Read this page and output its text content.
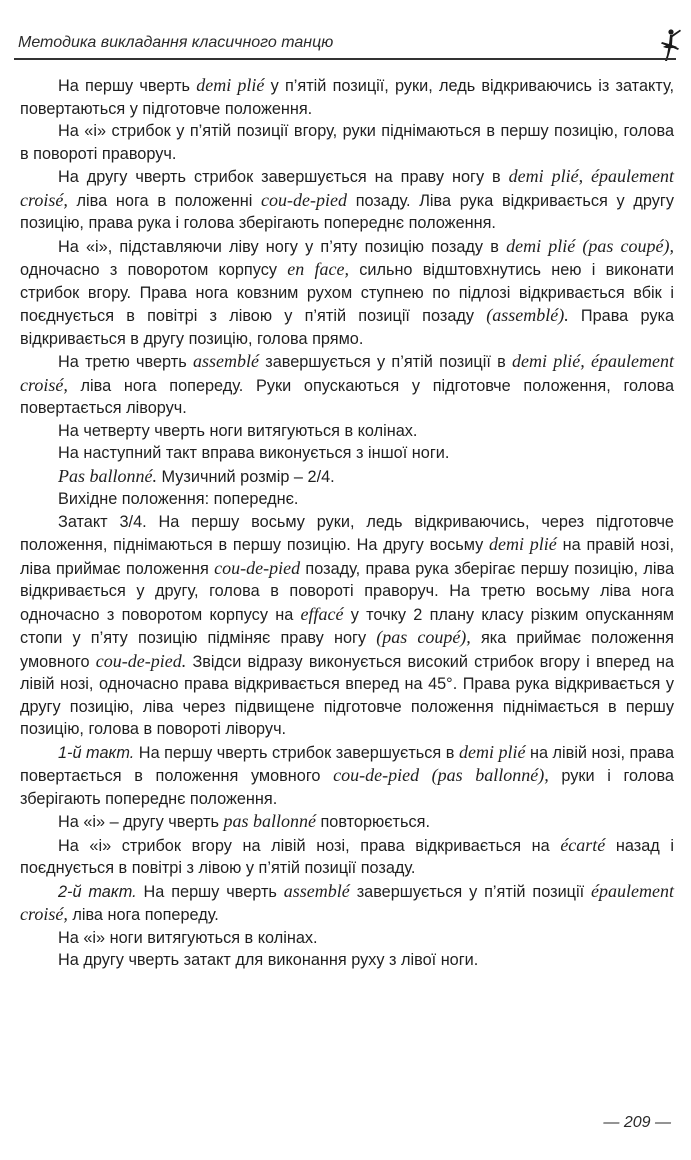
Методика викладання класичного танцю

На першу чверть demi plié у п’ятій позиції, руки, ледь відкриваючись із затакту, повертаються у підготовче положення.

На «і» стрибок у п’ятій позиції вгору, руки піднімаються в першу позицію, голова в повороті праворуч.

На другу чверть стрибок завершується на праву ногу в demi plié, épaulement croisé, ліва нога в положенні cou-de-pied позаду. Ліва рука відкривається у другу позицію, права рука і голова зберігають попереднє положення.

На «і», підставляючи ліву ногу у п’яту позицію позаду в demi plié (pas coupé), одночасно з поворотом корпусу en face, сильно відштовхнутись нею і виконати стрибок вгору. Права нога ковзним рухом ступнею по підлозі відкривається вбік і поєднується в повітрі з лівою у п’ятій позиції позаду (assemblé). Права рука відкривається в другу позицію, голова прямо.

На третю чверть assemblé завершується у п’ятій позиції в demi plié, épaulement croisé, ліва нога попереду. Руки опускаються у підготовче положення, голова повертається ліворуч.

На четверту чверть ноги витягуються в колінах.

На наступний такт вправа виконується з іншої ноги.

Pas ballonné. Музичний розмір – 2/4.

Вихідне положення: попереднє.

Затакт 3/4. На першу восьму руки, ледь відкриваючись, через підготовче положення, піднімаються в першу позицію. На другу восьму demi plié на правій нозі, ліва приймає положення cou-de-pied позаду, права рука зберігає першу позицію, ліва відкривається у другу, голова в повороті праворуч. На третю восьму ліва нога одночасно з поворотом корпусу на effacé у точку 2 плану класу різким опусканням стопи у п’яту позицію підміняє праву ногу (pas coupé), яка приймає положення умовного cou-de-pied. Звідси відразу виконується високий стрибок вгору і вперед на лівій нозі, одночасно права відкривається вперед на 45°. Права рука відкривається у другу позицію, ліва через підвищене підготовче положення піднімається в першу позицію, голова в повороті ліворуч.

1-й такт. На першу чверть стрибок завершується в demi plié на лівій нозі, права повертається в положення умовного cou-de-pied (pas ballonné), руки і голова зберігають попереднє положення.

На «і» – другу чверть pas ballonné повторюється.

На «і» стрибок вгору на лівій нозі, права відкривається на écarté назад і поєднується в повітрі з лівою у п’ятій позиції позаду.

2-й такт. На першу чверть assemblé завершується у п’ятій позиції épaulement croisé, ліва нога попереду.

На «і» ноги витягуються в колінах.

На другу чверть затакт для виконання руху з лівої ноги.

— 209 —
